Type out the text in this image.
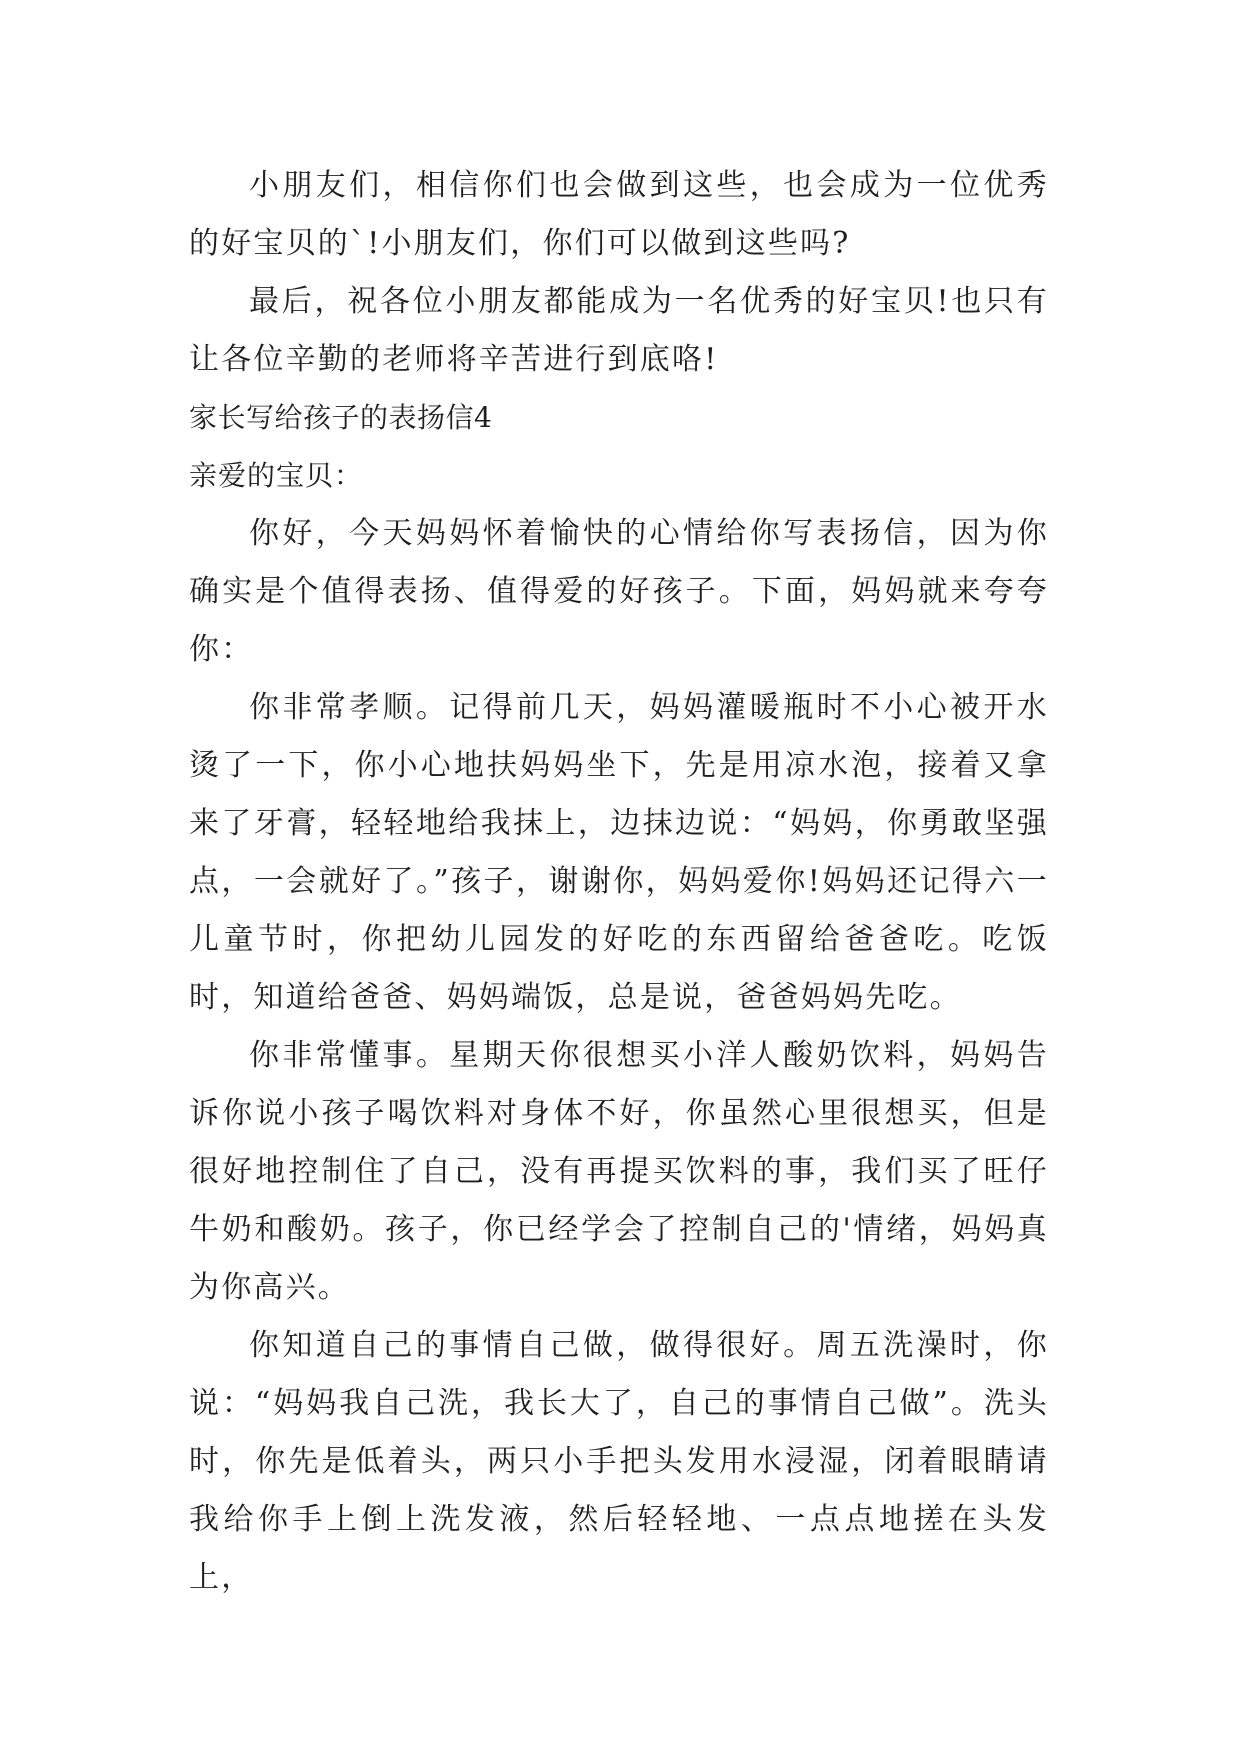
小朋友们，相信你们也会做到这些，也会成为一位优秀的好宝贝的`!小朋友们，你们可以做到这些吗?

最后，祝各位小朋友都能成为一名优秀的好宝贝!也只有让各位辛勤的老师将辛苦进行到底咯!

家长写给孩子的表扬信4

亲爱的宝贝：

你好，今天妈妈怀着愉快的心情给你写表扬信，因为你确实是个值得表扬、值得爱的好孩子。下面，妈妈就来夸夸你：

你非常孝顺。记得前几天，妈妈灌暖瓶时不小心被开水烫了一下，你小心地扶妈妈坐下，先是用凉水泡，接着又拿来了牙膏，轻轻地给我抹上，边抹边说：“妈妈，你勇敢坚强点，一会就好了。”孩子，谢谢你，妈妈爱你!妈妈还记得六一儿童节时，你把幼儿园发的好吃的东西留给爸爸吃。吃饭时，知道给爸爸、妈妈端饭，总是说，爸爸妈妈先吃。

你非常懂事。星期天你很想买小洋人酸奶饮料，妈妈告诉你说小孩子喝饮料对身体不好，你虽然心里很想买，但是很好地控制住了自己，没有再提买饮料的事，我们买了旺仔牛奶和酸奶。孩子，你已经学会了控制自己的'情绪，妈妈真为你高兴。

你知道自己的事情自己做，做得很好。周五洗澡时，你说：“妈妈我自己洗，我长大了，自己的事情自己做”。洗头时，你先是低着头，两只小手把头发用水浸湿，闭着眼睛请我给你手上倒上洗发液，然后轻轻地、一点点地搓在头发上，
